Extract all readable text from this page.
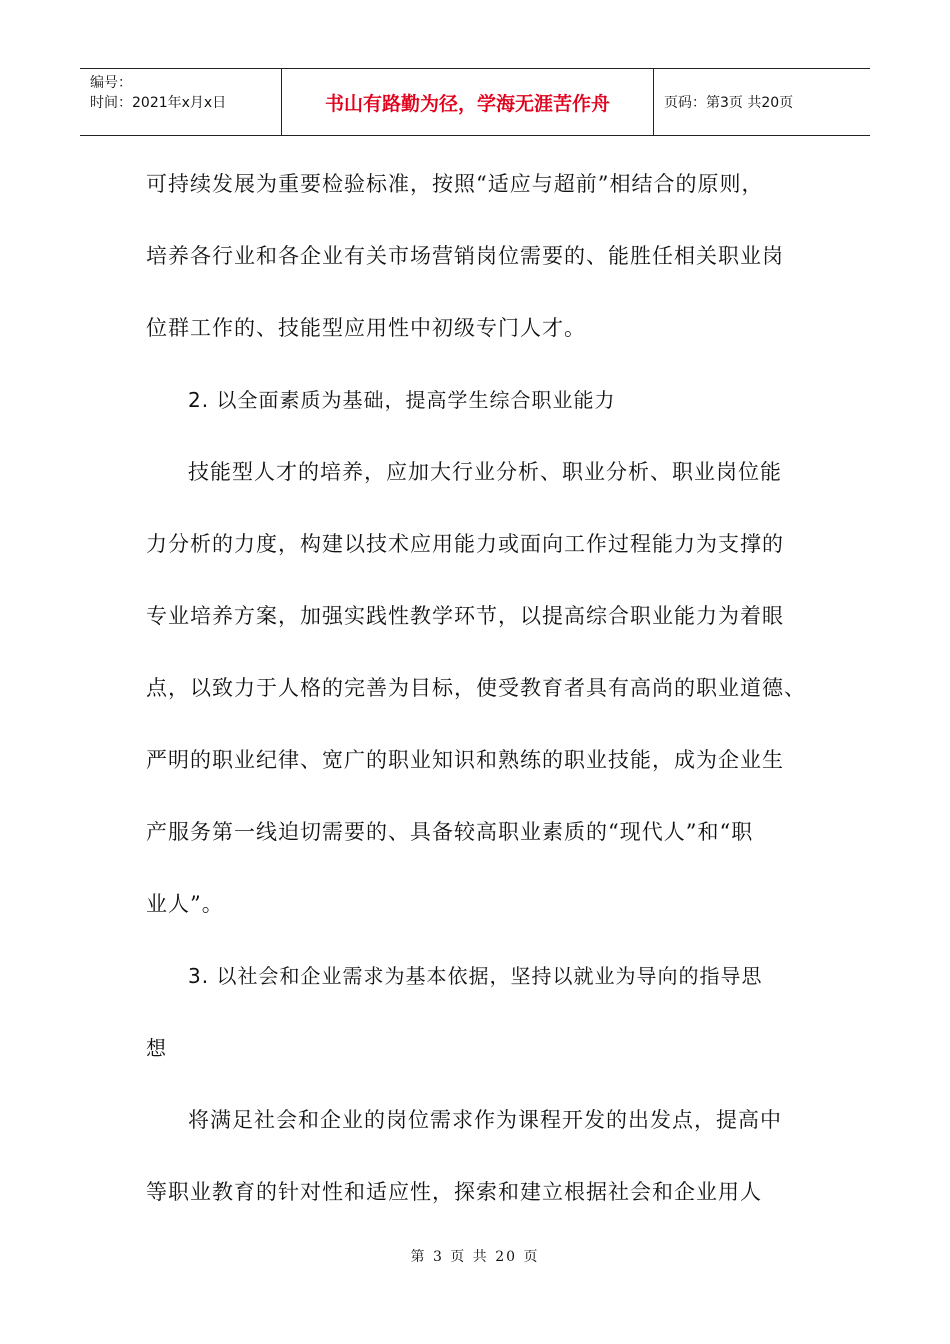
编号：
时间：2021年x月x日	书山有路勤为径，学海无涯苦作舟	页码：第3页 共20页
可持续发展为重要检验标准，按照“适应与超前”相结合的原则，
培养各行业和各企业有关市场营销岗位需要的、能胜任相关职业岗
位群工作的、技能型应用性中初级专门人才。
2. 以全面素质为基础，提高学生综合职业能力
技能型人才的培养，应加大行业分析、职业分析、职业岗位能
力分析的力度，构建以技术应用能力或面向工作过程能力为支撑的
专业培养方案，加强实践性教学环节，以提高综合职业能力为着眼
点，以致力于人格的完善为目标，使受教育者具有高尚的职业道德、
严明的职业纪律、宽广的职业知识和熟练的职业技能，成为企业生
产服务第一线迫切需要的、具备较高职业素质的“现代人”和“职
业人”。
3. 以社会和企业需求为基本依据，坚持以就业为导向的指导思
想
将满足社会和企业的岗位需求作为课程开发的出发点，提高中
等职业教育的针对性和适应性，探索和建立根据社会和企业用人
第 3 页 共 20 页
